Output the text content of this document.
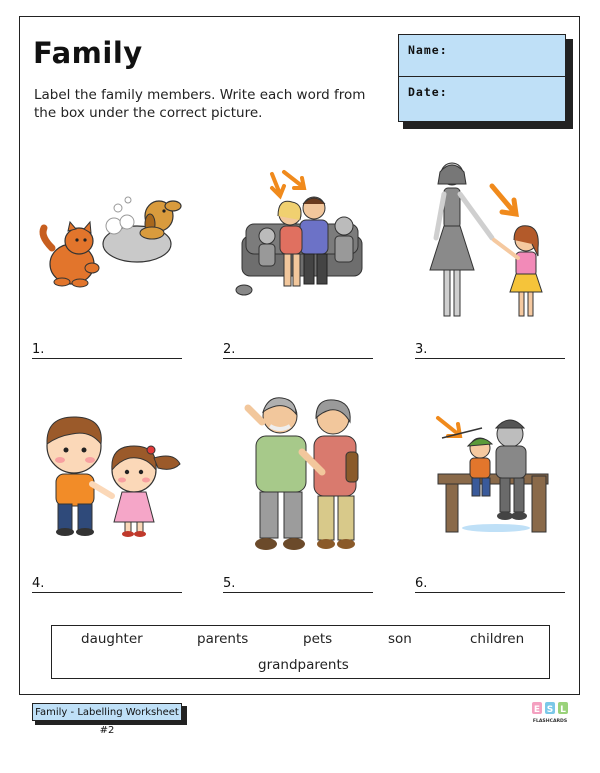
Family
Label the family members. Write each word from the box under the correct picture.
Name:
Date:
1.	2.	3.
4.	5.	6.
daughter	parents	pets	son	children
grandparents
Family - Labelling Worksheet #2
E S L
FLASHCARDS
